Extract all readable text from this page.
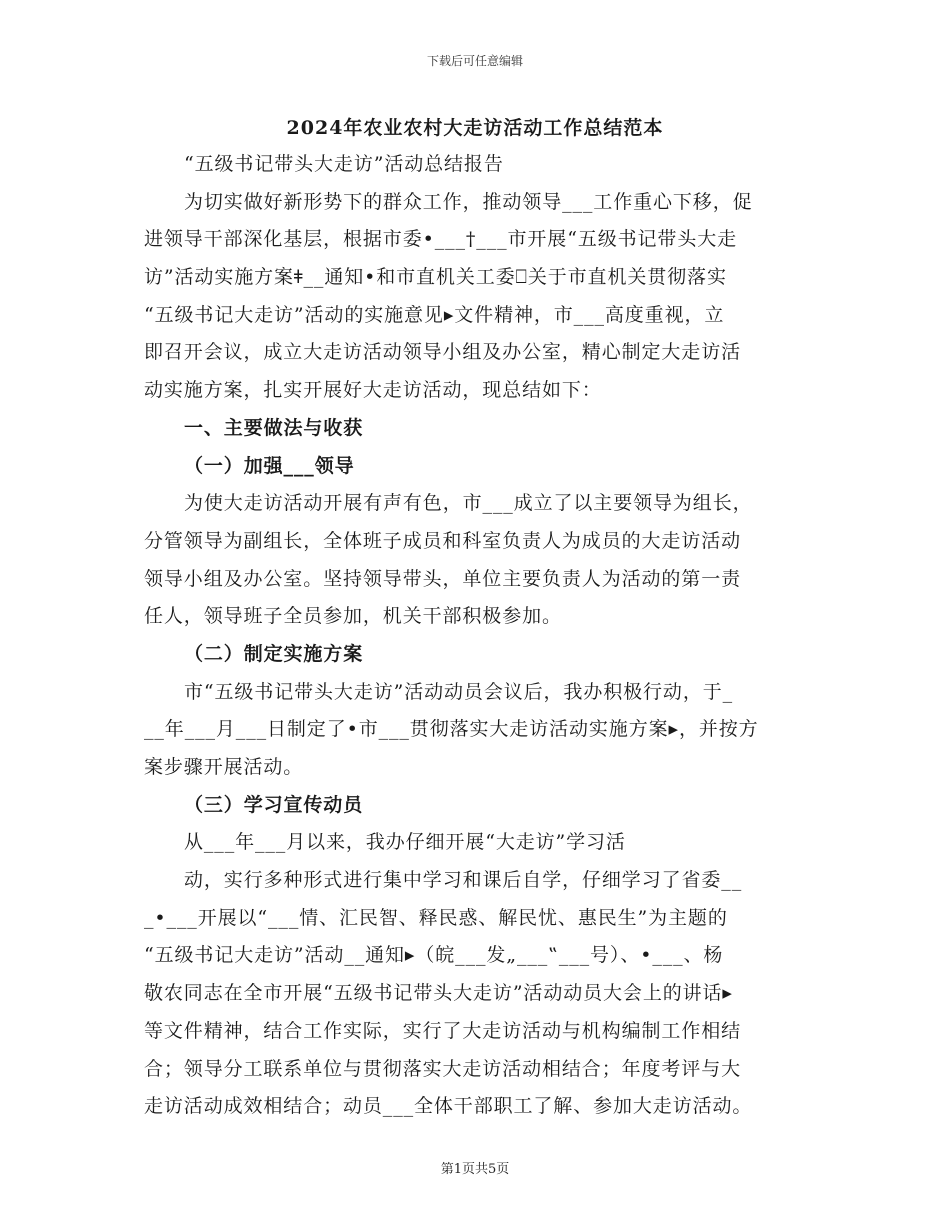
下载后可任意编辑
2024年农业农村大走访活动工作总结范本
“五级书记带头大走访”活动总结报告
为切实做好新形势下的群众工作，推动领导___工作重心下移，促
进领导干部深化基层，根据市委•___†___市开展“五级书记带头大走
访”活动实施方案ǂ__通知•和市直机关工委⎕关于市直机关贯彻落实
“五级书记大走访”活动的实施意见▸文件精神，市___高度重视，立
即召开会议，成立大走访活动领导小组及办公室，精心制定大走访活
动实施方案，扎实开展好大走访活动，现总结如下：
一、主要做法与收获
（一）加强___领导
为使大走访活动开展有声有色，市___成立了以主要领导为组长，
分管领导为副组长，全体班子成员和科室负责人为成员的大走访活动
领导小组及办公室。坚持领导带头，单位主要负责人为活动的第一责
任人，领导班子全员参加，机关干部积极参加。
（二）制定实施方案
市“五级书记带头大走访”活动动员会议后，我办积极行动，于_
__年___月___日制定了•市___贯彻落实大走访活动实施方案▸，并按方
案步骤开展活动。
（三）学习宣传动员
从___年___月以来，我办仔细开展“大走访”学习活
动，实行多种形式进行集中学习和课后自学，仔细学习了省委__
_•___开展以“___情、汇民智、释民惑、解民忧、惠民生”为主题的
“五级书记大走访”活动__通知▸（皖___发„___‟___号）、•___、杨
敬农同志在全市开展“五级书记带头大走访”活动动员大会上的讲话▸
等文件精神，结合工作实际，实行了大走访活动与机构编制工作相结
合；领导分工联系单位与贯彻落实大走访活动相结合；年度考评与大
走访活动成效相结合；动员___全体干部职工了解、参加大走访活动。
第1页共5页
